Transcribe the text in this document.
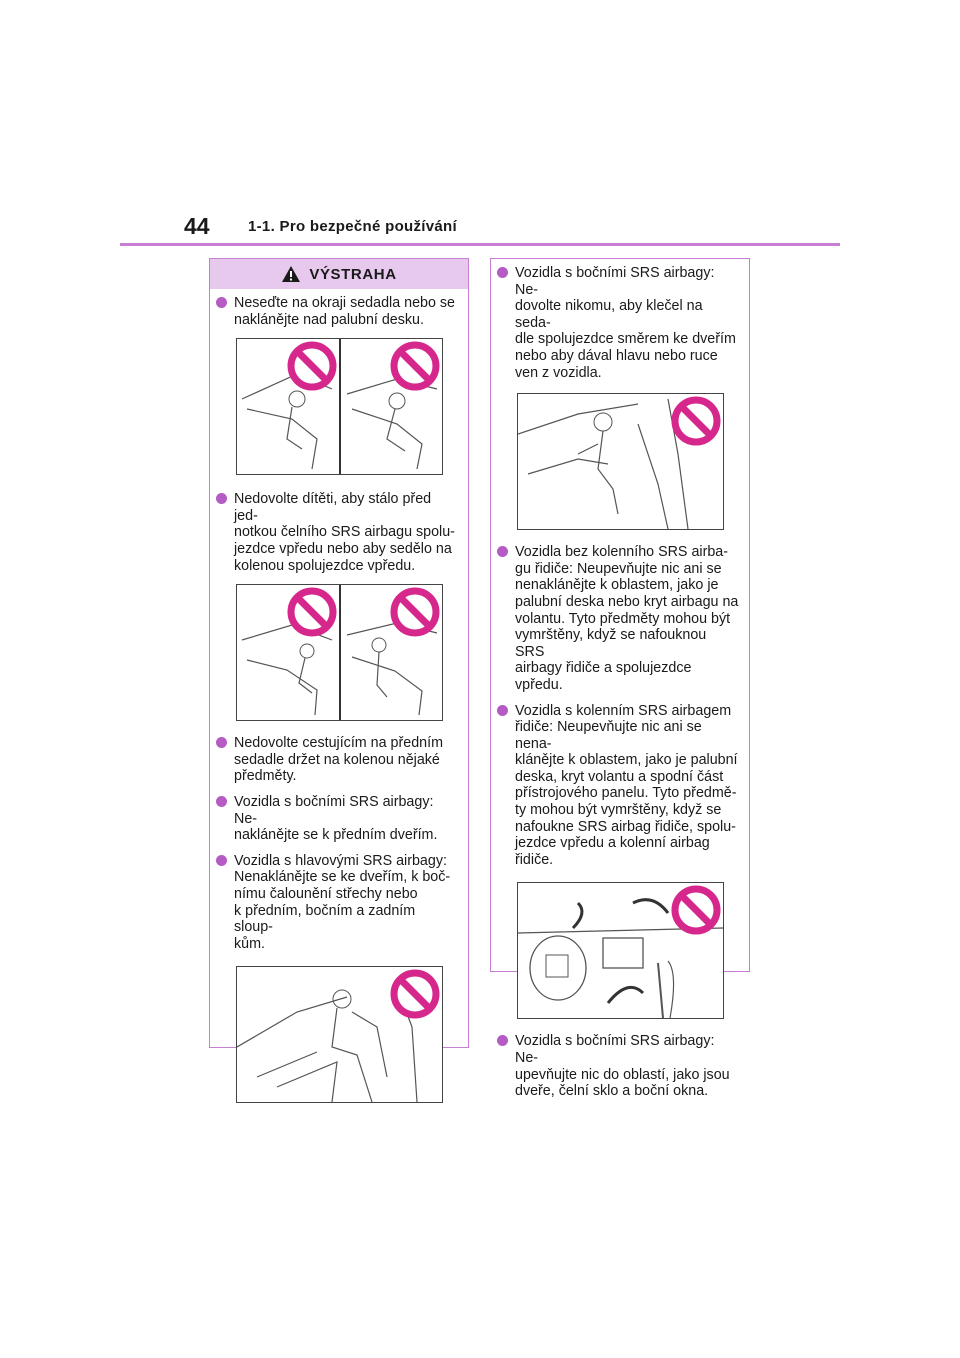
44	1-1. Pro bezpečné používání
VÝSTRAHA
Neseďte na okraji sedadla nebo se
naklánějte nad palubní desku.
Nedovolte dítěti, aby stálo před jed-
notkou čelního SRS airbagu spolu-
jezdce vpředu nebo aby sedělo na
kolenou spolujezdce vpředu.
Nedovolte cestujícím na předním
sedadle držet na kolenou nějaké
předměty.
Vozidla s bočními SRS airbagy: Ne-
naklánějte se k předním dveřím.
Vozidla s hlavovými SRS airbagy:
Nenaklánějte se ke dveřím, k boč-
nímu čalounění střechy nebo
k předním, bočním a zadním sloup-
kům.
Vozidla s bočními SRS airbagy: Ne-
dovolte nikomu, aby klečel na seda-
dle spolujezdce směrem ke dveřím
nebo aby dával hlavu nebo ruce
ven z vozidla.
Vozidla bez kolenního SRS airba-
gu řidiče: Neupevňujte nic ani se
nenaklánějte k oblastem, jako je
palubní deska nebo kryt airbagu na
volantu. Tyto předměty mohou být
vymrštěny, když se nafouknou SRS
airbagy řidiče a spolujezdce vpředu.
Vozidla s kolenním SRS airbagem
řidiče: Neupevňujte nic ani se nena-
klánějte k oblastem, jako je palubní
deska, kryt volantu a spodní část
přístrojového panelu. Tyto předmě-
ty mohou být vymrštěny, když se
nafoukne SRS airbag řidiče, spolu-
jezdce vpředu a kolenní airbag řidiče.
Vozidla s bočními SRS airbagy: Ne-
upevňujte nic do oblastí, jako jsou
dveře, čelní sklo a boční okna.
